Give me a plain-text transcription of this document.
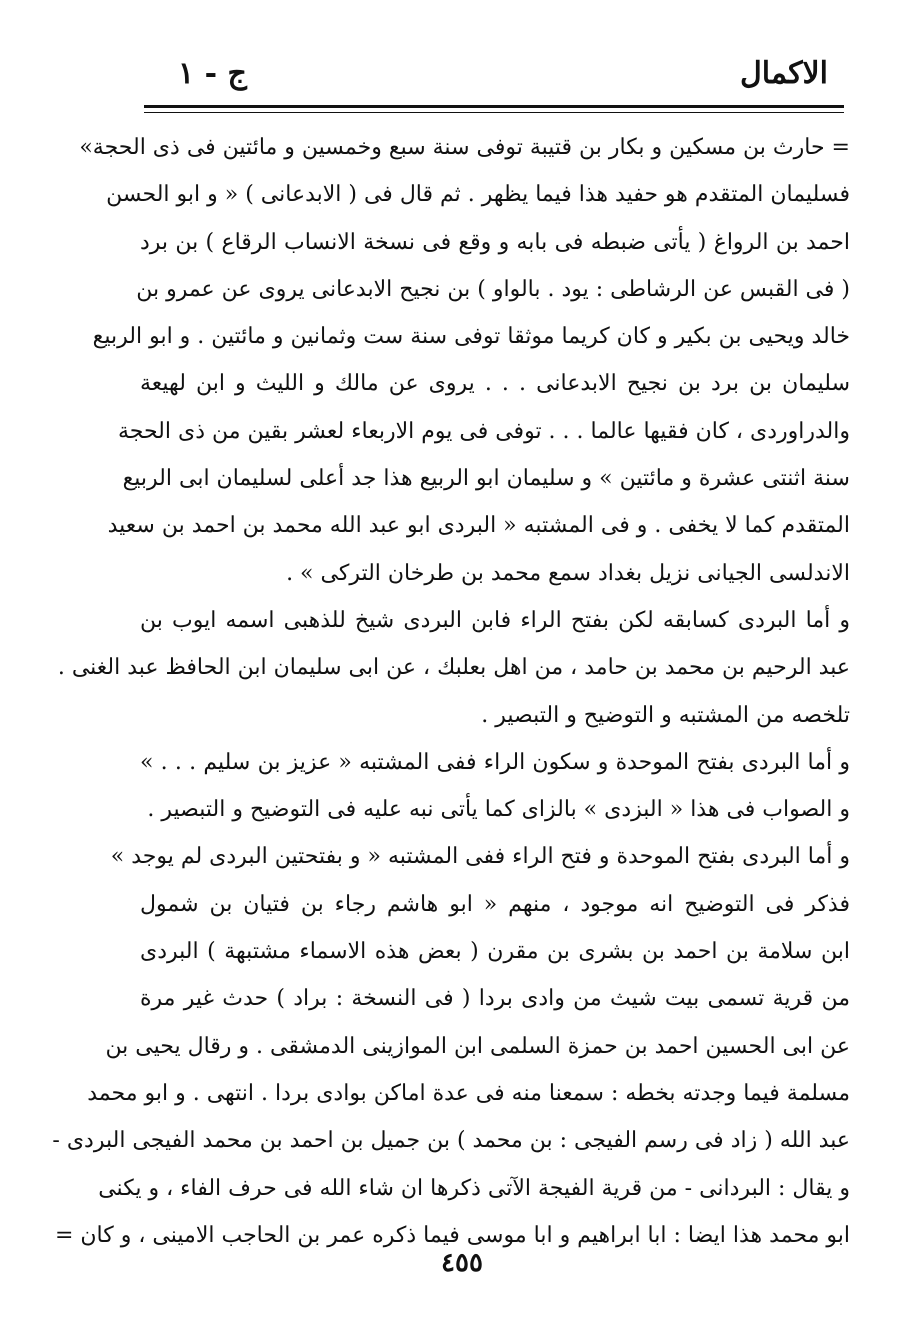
الاكمال
ج - ١
= حارث بن مسكين و بكار بن قتيبة توفى سنة سبع وخمسين و مائتين فى ذى الحجة»
فسليمان المتقدم هو حفيد هذا فيما يظهر . ثم قال فى ( الابدعانى ) « و ابو الحسن
احمد بن الرواغ ( يأتى ضبطه فى بابه و وقع فى نسخة الانساب الرقاع ) بن برد
( فى القبس عن الرشاطى : يود . بالواو ) بن نجيح الابدعانى يروى عن عمرو بن
خالد ويحيى بن بكير و كان كريما موثقا توفى سنة ست وثمانين و مائتين . و ابو الربيع
سليمان بن برد بن نجيح الابدعانى . . . يروى عن مالك و الليث و ابن لهيعة
والدراوردى ، كان فقيها عالما . . . توفى فى يوم الاربعاء لعشر بقين من ذى الحجة
سنة اثنتى عشرة و مائتين » و سليمان ابو الربيع هذا جد أعلى لسليمان ابى الربيع
المتقدم كما لا يخفى . و فى المشتبه « البردى ابو عبد الله محمد بن احمد بن سعيد
الاندلسى الجيانى نزيل بغداد سمع محمد بن طرخان التركى » .
و أما البردى كسابقه لكن بفتح الراء فابن البردى شيخ للذهبى اسمه ايوب بن
عبد الرحيم بن محمد بن حامد ، من اهل بعلبك ، عن ابى سليمان ابن الحافظ عبد الغنى .
تلخصه من المشتبه و التوضيح و التبصير .
و أما البردى بفتح الموحدة و سكون الراء ففى المشتبه « عزيز بن سليم . . . »
و الصواب فى هذا « البزدى » بالزاى كما يأتى نبه عليه فى التوضيح و التبصير .
و أما البردى بفتح الموحدة و فتح الراء ففى المشتبه « و بفتحتين البردى لم يوجد »
فذكر فى التوضيح انه موجود ، منهم « ابو هاشم رجاء بن فتيان بن شمول
ابن سلامة بن احمد بن بشرى بن مقرن ( بعض هذه الاسماء مشتبهة ) البردى
من قرية تسمى بيت شيث من وادى بردا ( فى النسخة : براد ) حدث غير مرة
عن ابى الحسين احمد بن حمزة السلمى ابن الموازينى الدمشقى . و رقال يحيى بن
مسلمة فيما وجدته بخطه : سمعنا منه فى عدة اماكن بوادى بردا . انتهى . و ابو محمد
عبد الله ( زاد فى رسم الفيجى : بن محمد ) بن جميل بن احمد بن محمد الفيجى البردى -
و يقال : البردانى - من قرية الفيجة الآتى ذكرها ان شاء الله فى حرف الفاء ، و يكنى
ابو محمد هذا ايضا : ابا ابراهيم و ابا موسى فيما ذكره عمر بن الحاجب الامينى ، و كان =
٤٥٥
